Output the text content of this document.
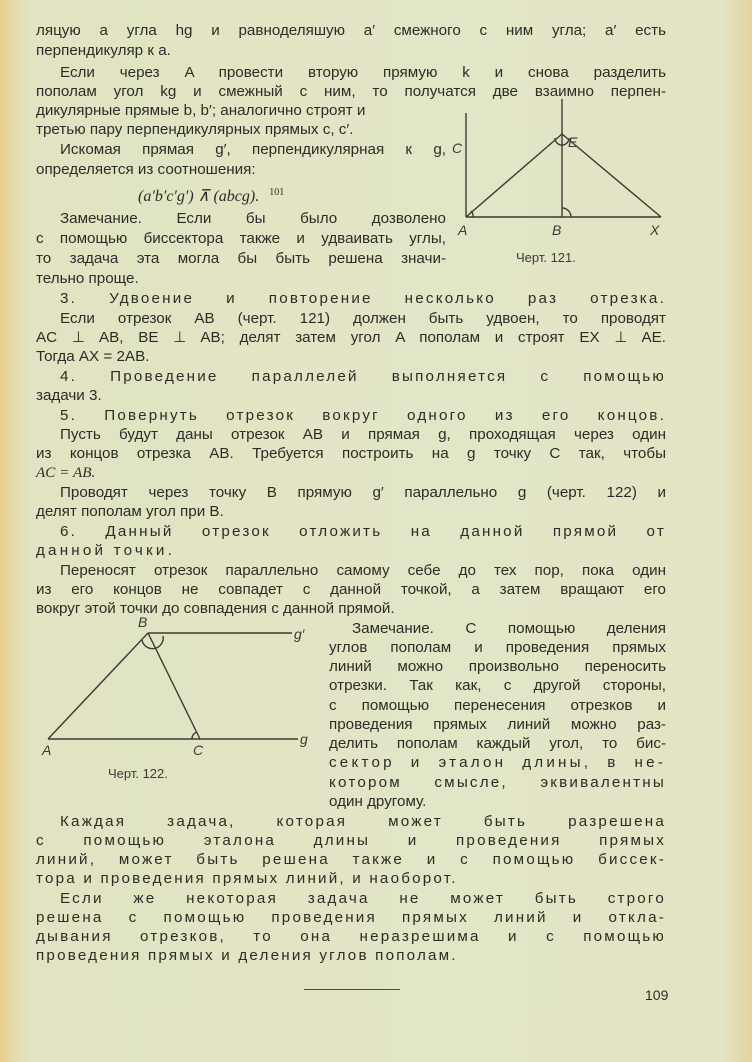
ляцую a угла hg и равноделяшую a′ смежного с ним угла; a′ есть
перпендикуляр к a.
Если через A провести вторую прямую k и снова разделить
пополам угол kg и смежный с ним, то получатся две взаимно перпен-
дикулярные прямые b, b′; аналогично строят и
третью пару перпендикулярных прямых c, c′.
Искомая прямая g′, перпендикулярная к g,
определяется из соотношения:
(a′b′c′g′) ⊼ (abcg). $^{101}$
Замечание. Если бы было дозволено
с помощью биссектора также и удваивать углы,
то задача эта могла бы быть решена значи-
тельно проще.
C	E
A	B	X
Черт. 121.
3. Удвоение и повторение несколько раз отрезка.
Если отрезок AB (черт. 121) должен быть удвоен, то проводят
AC ⊥ AB, BE ⊥ AB; делят затем угол A пополам и строят EX ⊥ AE.
Тогда AX = 2AB.
4. Проведение параллелей выполняется с помощью
задачи 3.
5. Повернуть отрезок вокруг одного из его концов.
Пусть будут даны отрезок AB и прямая g, проходящая через один
из концов отрезка AB. Требуется построить на g точку C так, чтобы
AC = AB.
Проводят через точку B прямую g′ параллельно g (черт. 122) и
делят пополам угол при B.
6. Данный отрезок отложить на данной прямой от
данной точки.
Переносят отрезок параллельно самому себе до тех пор, пока один
из его концов не совпадет с данной точкой, а затем вращают его
вокруг этой точки до совпадения с данной прямой.
B
g′
A	C
g
Черт. 122.
Замечание. С помощью деления
углов пополам и проведения прямых
линий можно произвольно переносить
отрезки. Так как, с другой стороны,
с помощью перенесения отрезков и
проведения прямых линий можно раз-
делить пополам каждый угол, то бис-
сектор и эталон длины, в не-
котором смысле, эквивалентны
один другому.
Каждая задача, которая может быть разрешена
с помощью эталона длины и проведения прямых
линий, может быть решена также и с помощью биссек-
тора и проведения прямых линий, и наоборот.
Если же некоторая задача не может быть строго
решена с помощью проведения прямых линий и откла-
дывания отрезков, то она неразрешима и с помощью
проведения прямых и деления углов пополам.
109
